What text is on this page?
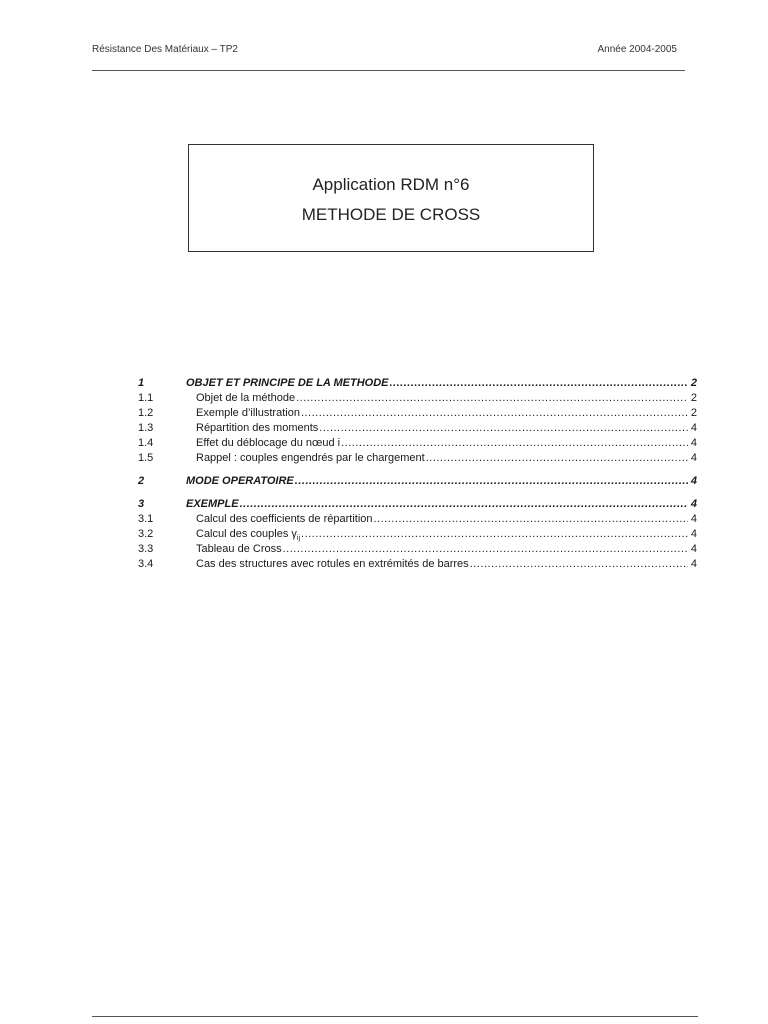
Résistance Des Matériaux – TP2	Année 2004-2005
Application RDM n°6
METHODE DE CROSS
1	OBJET ET PRINCIPE DE LA METHODE .....	2
1.1	Objet de la méthode .....	2
1.2	Exemple d’illustration .....	2
1.3	Répartition des moments .....	4
1.4	Effet du déblocage du nœud i .....	4
1.5	Rappel : couples engendrés par le chargement .....	4
2	MODE OPERATOIRE .....	4
3	EXEMPLE .....	4
3.1	Calcul des coefficients de répartition .....	4
3.2	Calcul des couples $\gamma_{ij}$ .....	4
3.3	Tableau de Cross .....	4
3.4	Cas des structures avec rotules en extrémités de barres .....	4
